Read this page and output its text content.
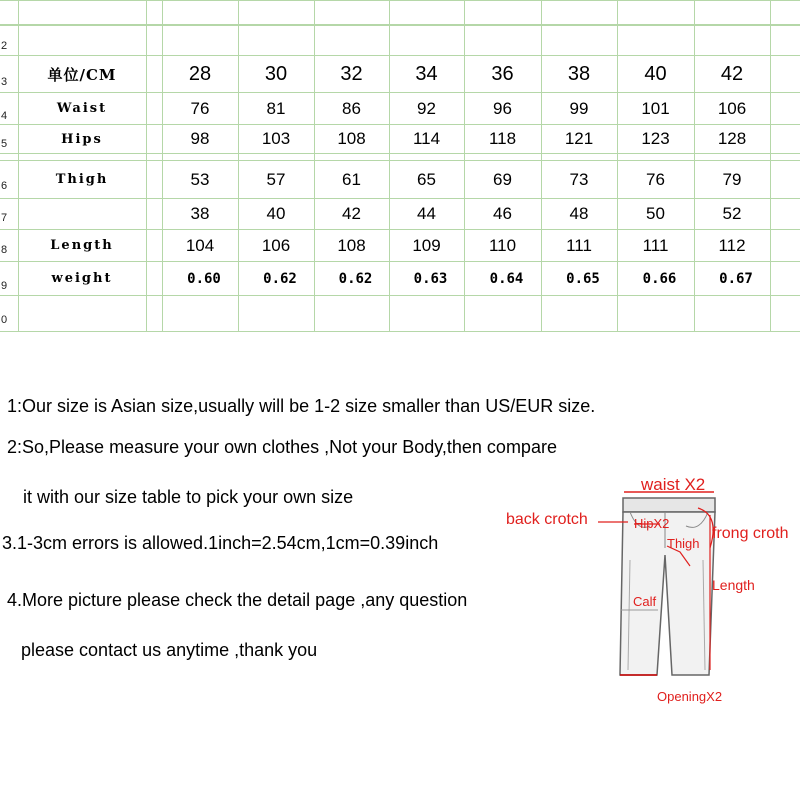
2
3
4
5
6
7
8
9
0
单位/CM	28	30	32	34	36	38	40	42
Waist	76	81	86	92	96	99	101	106
Hips	98	103	108	114	118	121	123	128
Thigh	53	57	61	65	69	73	76	79
38	40	42	44	46	48	50	52
Length	104	106	108	109	110	111	111	112
weight	0.60	0.62	0.62	0.63	0.64	0.65	0.66	0.67
1:Our size is Asian size,usually will be 1-2 size smaller than US/EUR size.
2:So,Please measure your own clothes ,Not your Body,then compare
it with our size table to pick your own size
3.1-3cm errors is allowed.1inch=2.54cm,1cm=0.39inch
4.More picture please check the detail page ,any question
please contact us anytime ,thank you
waist X2
back crotch	HipX2
Thigh
frong croth
Length
Calf
OpeningX2
